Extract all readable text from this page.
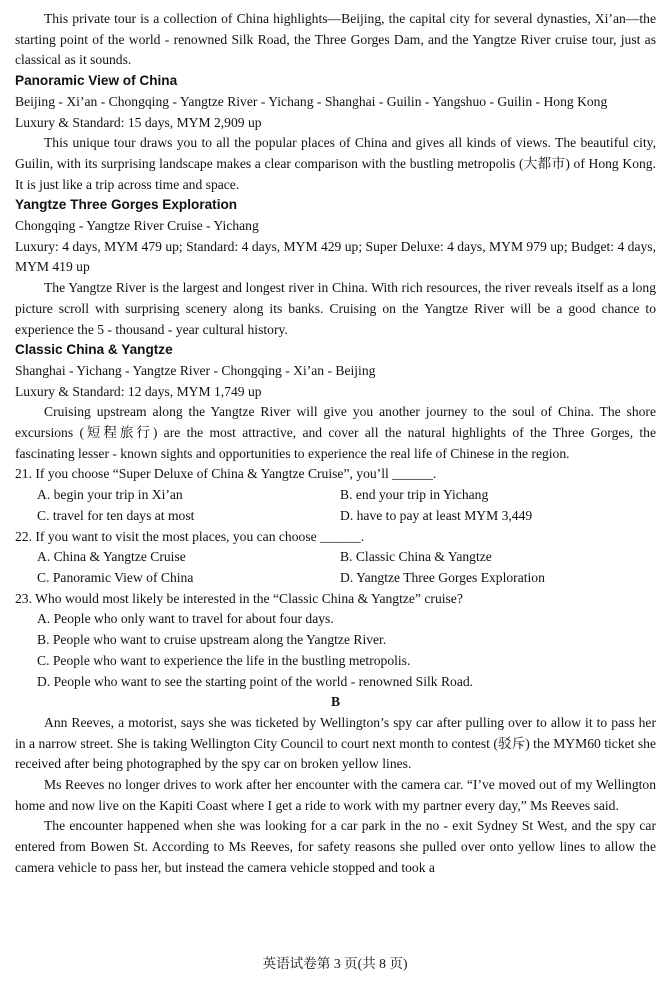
This private tour is a collection of China highlights—Beijing, the capital city for several dynasties, Xi’an—the starting point of the world - renowned Silk Road, the Three Gorges Dam, and the Yangtze River cruise tour, just as classical as it sounds.

Panoramic View of China

Beijing - Xi’an - Chongqing - Yangtze River - Yichang - Shanghai - Guilin - Yangshuo - Guilin - Hong Kong

Luxury & Standard: 15 days, MYM 2,909 up

This unique tour draws you to all the popular places of China and gives all kinds of views. The beautiful city, Guilin, with its surprising landscape makes a clear comparison with the bustling metropolis (大都市) of Hong Kong. It is just like a trip across time and space.

Yangtze Three Gorges Exploration

Chongqing - Yangtze River Cruise - Yichang

Luxury: 4 days, MYM 479 up; Standard: 4 days, MYM 429 up; Super Deluxe: 4 days, MYM 979 up; Budget: 4 days, MYM 419 up

The Yangtze River is the largest and longest river in China. With rich resources, the river reveals itself as a long picture scroll with surprising scenery along its banks. Cruising on the Yangtze River will be a good chance to experience the 5 - thousand - year cultural history.

Classic China & Yangtze

Shanghai - Yichang - Yangtze River - Chongqing - Xi’an - Beijing

Luxury & Standard: 12 days, MYM 1,749 up

Cruising upstream along the Yangtze River will give you another journey to the soul of China. The shore excursions (短程旅行) are the most attractive, and cover all the natural highlights of the Three Gorges, the fascinating lesser - known sights and opportunities to experience the real life of Chinese in the region.

21. If you choose “Super Deluxe of China & Yangtze Cruise”, you’ll ______.

A. begin your trip in Xi’an	B. end your trip in Yichang
C. travel for ten days at most	D. have to pay at least MYM 3,449

22. If you want to visit the most places, you can choose ______.

A. China & Yangtze Cruise	B. Classic China & Yangtze
C. Panoramic View of China	D. Yangtze Three Gorges Exploration

23. Who would most likely be interested in the “Classic China & Yangtze” cruise?

A. People who only want to travel for about four days.
B. People who want to cruise upstream along the Yangtze River.
C. People who want to experience the life in the bustling metropolis.
D. People who want to see the starting point of the world - renowned Silk Road.

B

Ann Reeves, a motorist, says she was ticketed by Wellington’s spy car after pulling over to allow it to pass her in a narrow street. She is taking Wellington City Council to court next month to contest (驳斥) the MYM60 ticket she received after being photographed by the spy car on broken yellow lines.

Ms Reeves no longer drives to work after her encounter with the camera car. “I’ve moved out of my Wellington home and now live on the Kapiti Coast where I get a ride to work with my partner every day,” Ms Reeves said.

The encounter happened when she was looking for a car park in the no - exit Sydney St West, and the spy car entered from Bowen St. According to Ms Reeves, for safety reasons she pulled over onto yellow lines to allow the camera vehicle to pass her, but instead the camera vehicle stopped and took a

英语试卷第 3 页(共 8 页)
